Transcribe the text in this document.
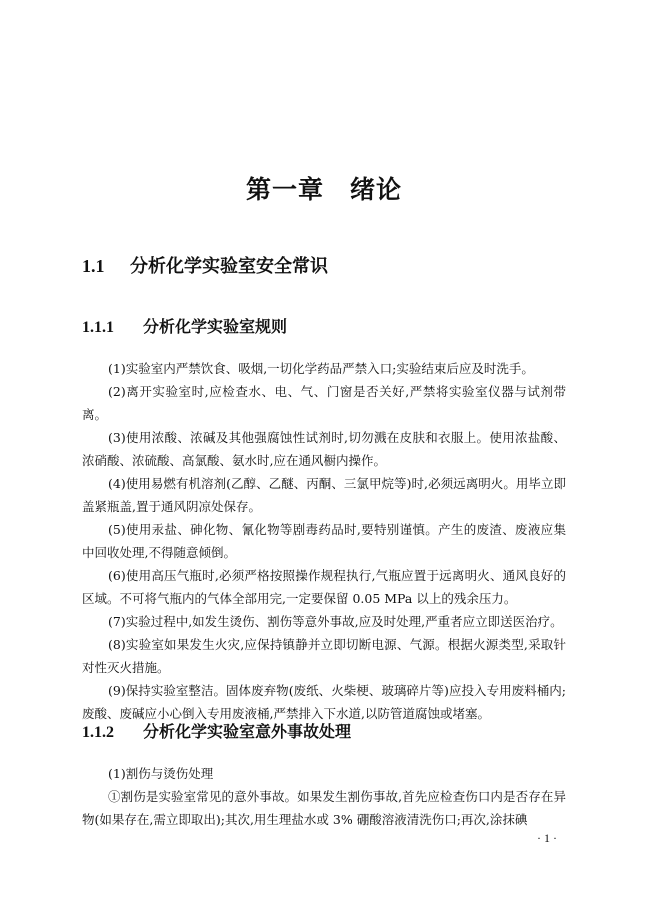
第一章　绪论
1.1 分析化学实验室安全常识
1.1.1 分析化学实验室规则

(1)实验室内严禁饮食、吸烟,一切化学药品严禁入口;实验结束后应及时洗手。

(2)离开实验室时,应检查水、电、气、门窗是否关好,严禁将实验室仪器与试剂带离。

(3)使用浓酸、浓碱及其他强腐蚀性试剂时,切勿溅在皮肤和衣服上。使用浓盐酸、浓硝酸、浓硫酸、高氯酸、氨水时,应在通风橱内操作。

(4)使用易燃有机溶剂(乙醇、乙醚、丙酮、三氯甲烷等)时,必须远离明火。用毕立即盖紧瓶盖,置于通风阴凉处保存。

(5)使用汞盐、砷化物、氰化物等剧毒药品时,要特别谨慎。产生的废渣、废液应集中回收处理,不得随意倾倒。

(6)使用高压气瓶时,必须严格按照操作规程执行,气瓶应置于远离明火、通风良好的区域。不可将气瓶内的气体全部用完,一定要保留 0.05 MPa 以上的残余压力。

(7)实验过程中,如发生烫伤、割伤等意外事故,应及时处理,严重者应立即送医治疗。

(8)实验室如果发生火灾,应保持镇静并立即切断电源、气源。根据火源类型,采取针对性灭火措施。

(9)保持实验室整洁。固体废弃物(废纸、火柴梗、玻璃碎片等)应投入专用废料桶内;废酸、废碱应小心倒入专用废液桶,严禁排入下水道,以防管道腐蚀或堵塞。

1.1.2 分析化学实验室意外事故处理

(1)割伤与烫伤处理

①割伤是实验室常见的意外事故。如果发生割伤事故,首先应检查伤口内是否存在异物(如果存在,需立即取出);其次,用生理盐水或 3% 硼酸溶液清洗伤口;再次,涂抹碘

· 1 ·
